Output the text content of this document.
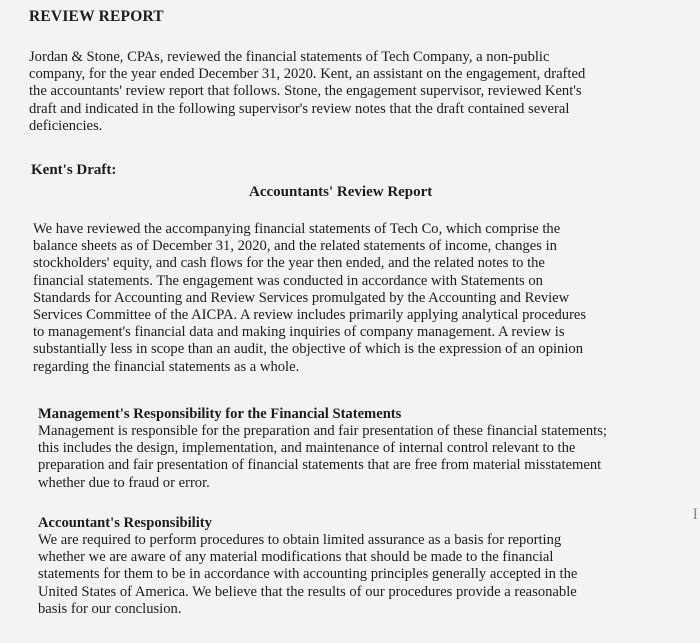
REVIEW REPORT

Jordan & Stone, CPAs, reviewed the financial statements of Tech Company, a non-public
company, for the year ended December 31, 2020. Kent, an assistant on the engagement, drafted
the accountants' review report that follows. Stone, the engagement supervisor, reviewed Kent's
draft and indicated in the following supervisor's review notes that the draft contained several
deficiencies.

Kent's Draft:
Accountants' Review Report

We have reviewed the accompanying financial statements of Tech Co, which comprise the
balance sheets as of December 31, 2020, and the related statements of income, changes in
stockholders' equity, and cash flows for the year then ended, and the related notes to the
financial statements. The engagement was conducted in accordance with Statements on
Standards for Accounting and Review Services promulgated by the Accounting and Review
Services Committee of the AICPA. A review includes primarily applying analytical procedures
to management's financial data and making inquiries of company management. A review is
substantially less in scope than an audit, the objective of which is the expression of an opinion
regarding the financial statements as a whole.

Management's Responsibility for the Financial Statements

Management is responsible for the preparation and fair presentation of these financial statements;
this includes the design, implementation, and maintenance of internal control relevant to the
preparation and fair presentation of financial statements that are free from material misstatement
whether due to fraud or error.

Accountant's Responsibility

We are required to perform procedures to obtain limited assurance as a basis for reporting
whether we are aware of any material modifications that should be made to the financial
statements for them to be in accordance with accounting principles generally accepted in the
United States of America. We believe that the results of our procedures provide a reasonable
basis for our conclusion.

I
